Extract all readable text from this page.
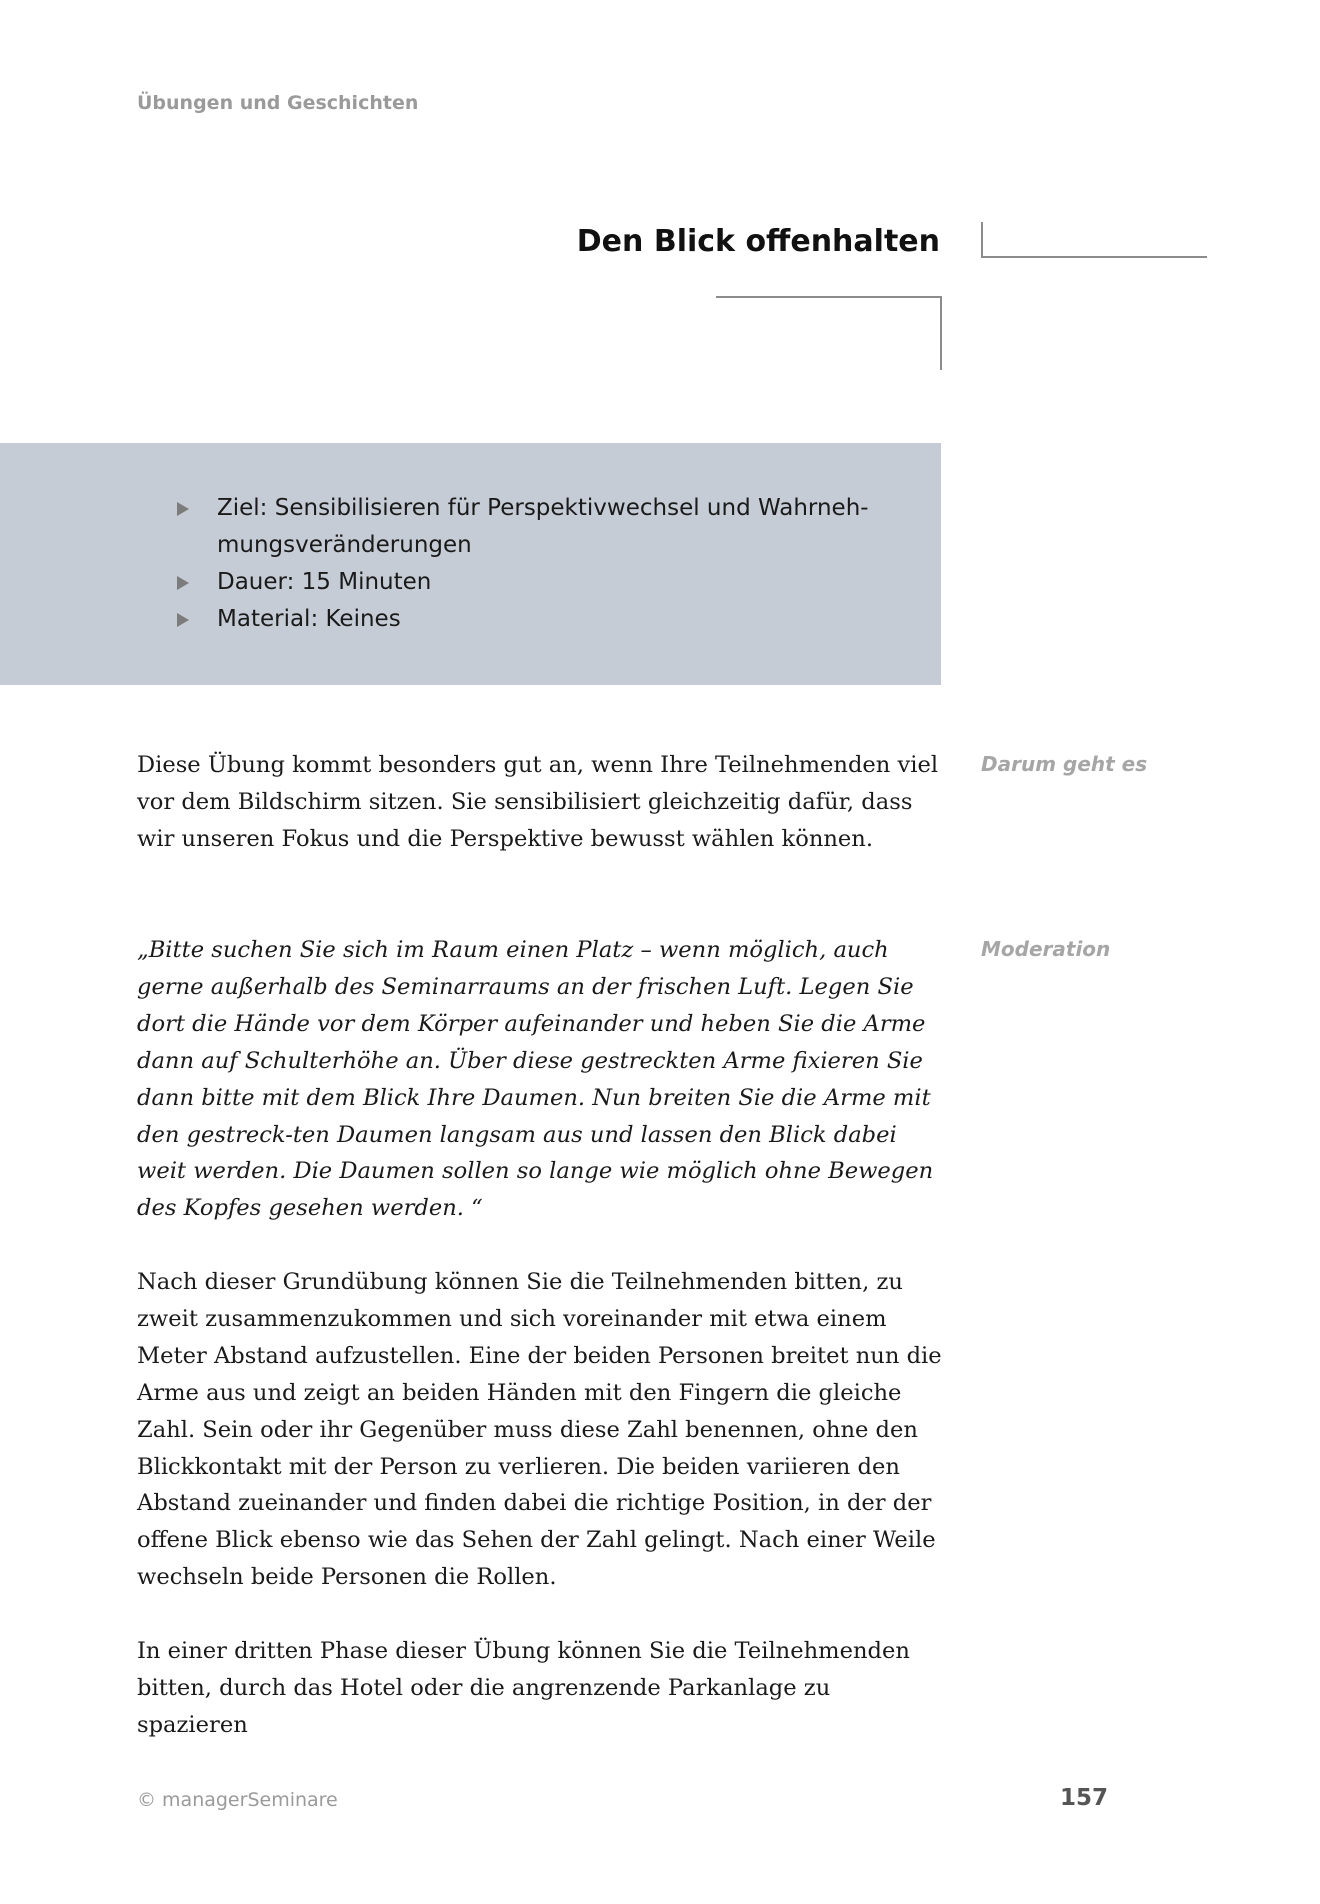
Übungen und Geschichten
Den Blick offenhalten
Ziel: Sensibilisieren für Perspektivwechsel und Wahrneh-mungsveränderungen
Dauer: 15 Minuten
Material: Keines

Diese Übung kommt besonders gut an, wenn Ihre Teilnehmenden viel vor dem Bildschirm sitzen. Sie sensibilisiert gleichzeitig dafür, dass wir unseren Fokus und die Perspektive bewusst wählen können.

Darum geht es

„Bitte suchen Sie sich im Raum einen Platz – wenn möglich, auch gerne außerhalb des Seminarraums an der frischen Luft. Legen Sie dort die Hände vor dem Körper aufeinander und heben Sie die Arme dann auf Schulterhöhe an. Über diese gestreckten Arme fixieren Sie dann bitte mit dem Blick Ihre Daumen. Nun breiten Sie die Arme mit den gestreck-ten Daumen langsam aus und lassen den Blick dabei weit werden. Die Daumen sollen so lange wie möglich ohne Bewegen des Kopfes gesehen werden. “

Moderation

Nach dieser Grundübung können Sie die Teilnehmenden bitten, zu zweit zusammenzukommen und sich voreinander mit etwa einem Meter Abstand aufzustellen. Eine der beiden Personen breitet nun die Arme aus und zeigt an beiden Händen mit den Fingern die gleiche Zahl. Sein oder ihr Gegenüber muss diese Zahl benennen, ohne den Blickkontakt mit der Person zu verlieren. Die beiden variieren den Abstand zueinander und finden dabei die richtige Position, in der der offene Blick ebenso wie das Sehen der Zahl gelingt. Nach einer Weile wechseln beide Personen die Rollen.

In einer dritten Phase dieser Übung können Sie die Teilnehmenden bitten, durch das Hotel oder die angrenzende Parkanlage zu spazieren

© managerSeminare	157
